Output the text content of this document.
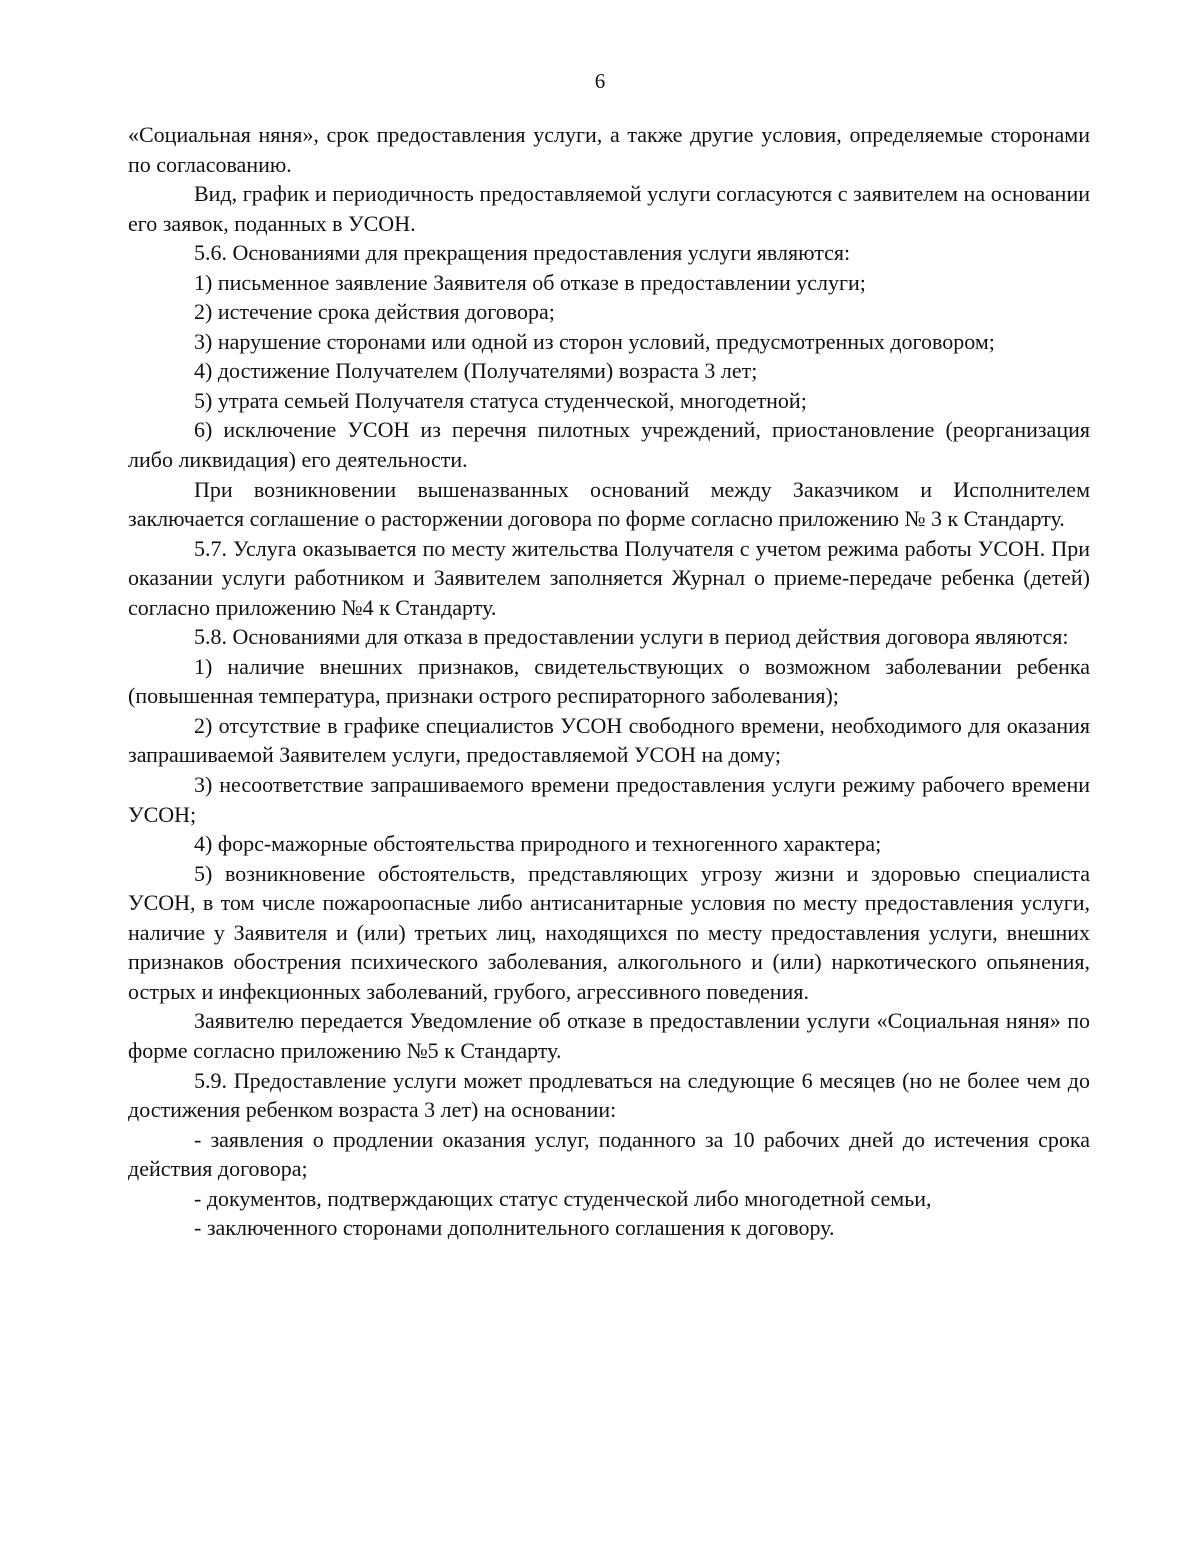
6

«Социальная няня», срок предоставления услуги, а также другие условия, определяемые сторонами по согласованию.

Вид, график и периодичность предоставляемой услуги согласуются с заявителем на основании его заявок, поданных в УСОН.

5.6. Основаниями для прекращения предоставления услуги являются:

1) письменное заявление Заявителя об отказе в предоставлении услуги;

2) истечение срока действия договора;

3) нарушение сторонами или одной из сторон условий, предусмотренных договором;

4) достижение Получателем (Получателями) возраста 3 лет;

5) утрата семьей Получателя статуса студенческой, многодетной;

6) исключение УСОН из перечня пилотных учреждений, приостановление (реорганизация либо ликвидация) его деятельности.

При возникновении вышеназванных оснований между Заказчиком и Исполнителем заключается соглашение о расторжении договора по форме согласно приложению № 3 к Стандарту.

5.7. Услуга оказывается по месту жительства Получателя с учетом режима работы УСОН. При оказании услуги работником и Заявителем заполняется Журнал о приеме-передаче ребенка (детей) согласно приложению №4 к Стандарту.

5.8. Основаниями для отказа в предоставлении услуги в период действия договора являются:

1) наличие внешних признаков, свидетельствующих о возможном заболевании ребенка (повышенная температура, признаки острого респираторного заболевания);

2) отсутствие в графике специалистов УСОН свободного времени, необходимого для оказания запрашиваемой Заявителем услуги, предоставляемой УСОН на дому;

3) несоответствие запрашиваемого времени предоставления услуги режиму рабочего времени УСОН;

4) форс-мажорные обстоятельства природного и техногенного характера;

5) возникновение обстоятельств, представляющих угрозу жизни и здоровью специалиста УСОН, в том числе пожароопасные либо антисанитарные условия по месту предоставления услуги, наличие у Заявителя и (или) третьих лиц, находящихся по месту предоставления услуги, внешних признаков обострения психического заболевания, алкогольного и (или) наркотического опьянения, острых и инфекционных заболеваний, грубого, агрессивного поведения.

Заявителю передается Уведомление об отказе в предоставлении услуги «Социальная няня» по форме согласно приложению №5 к Стандарту.

5.9. Предоставление услуги может продлеваться на следующие 6 месяцев (но не более чем до достижения ребенком возраста 3 лет) на основании:

- заявления о продлении оказания услуг, поданного за 10 рабочих дней до истечения срока действия договора;

- документов, подтверждающих статус студенческой либо многодетной семьи,

- заключенного сторонами дополнительного соглашения к договору.
